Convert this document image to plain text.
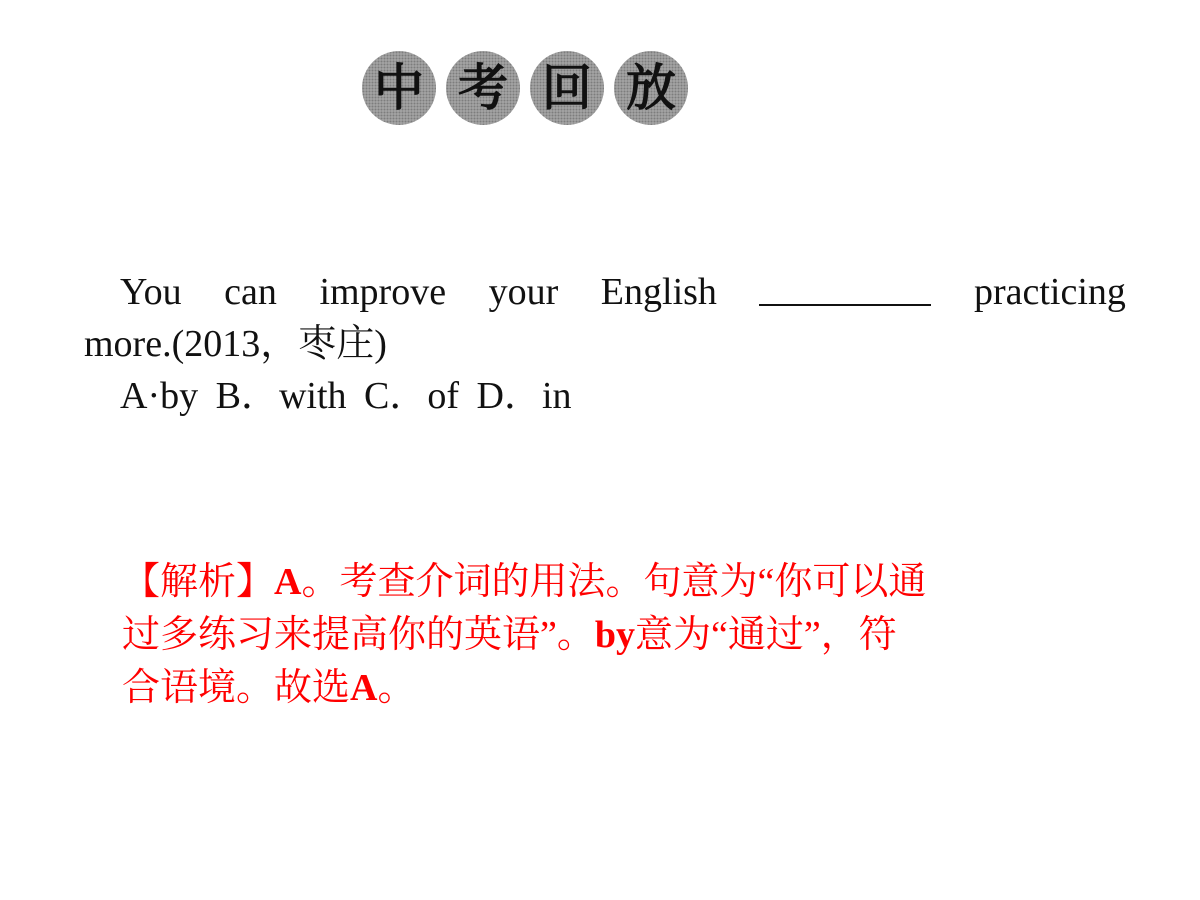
中 考 回 放
You can improve your English	practicing
more.(2013，枣庄)
A·by B．with C．of D．in
【解析】A。考查介词的用法。句意为“你可以通
过多练习来提高你的英语”。by意为“通过”，符
合语境。故选A。
